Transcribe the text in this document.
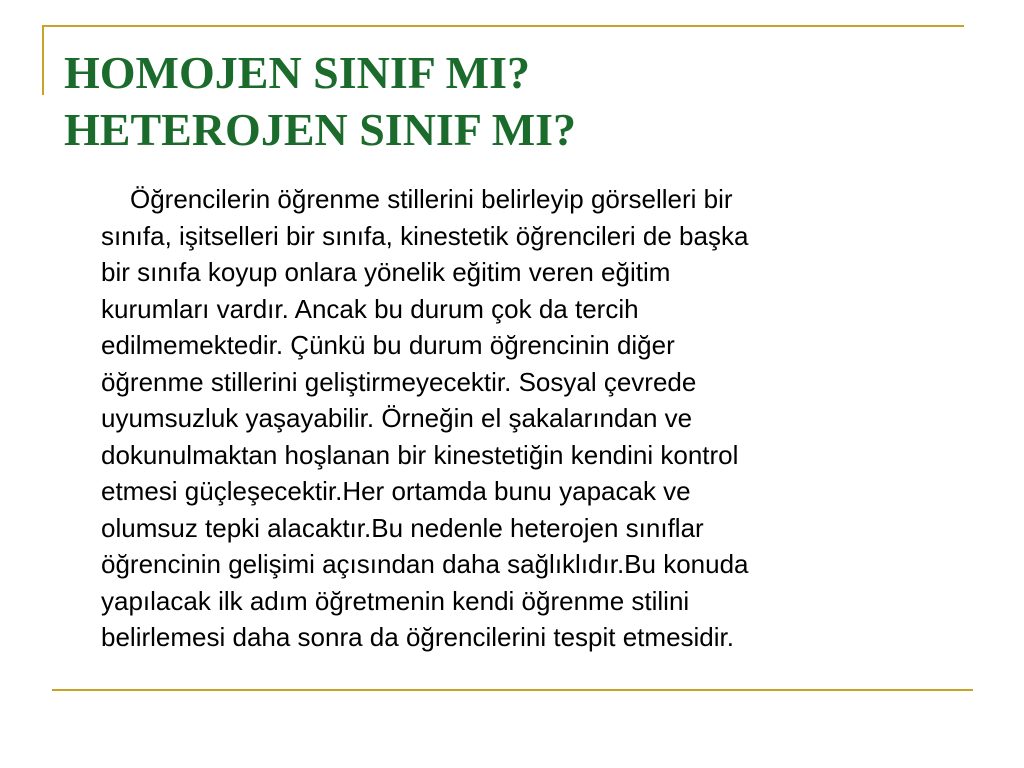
HOMOJEN SINIF MI?
HETEROJEN SINIF MI?
Öğrencilerin öğrenme stillerini belirleyip görselleri bir
sınıfa, işitselleri bir sınıfa, kinestetik öğrencileri de başka
bir sınıfa koyup onlara yönelik eğitim veren eğitim
kurumları vardır. Ancak bu durum çok da tercih
edilmemektedir. Çünkü bu durum öğrencinin diğer
öğrenme stillerini geliştirmeyecektir. Sosyal çevrede
uyumsuzluk yaşayabilir. Örneğin el şakalarından ve
dokunulmaktan hoşlanan bir kinestetiğin kendini kontrol
etmesi güçleşecektir.Her ortamda bunu yapacak ve
olumsuz tepki alacaktır.Bu nedenle heterojen sınıflar
öğrencinin gelişimi açısından daha sağlıklıdır.Bu konuda
yapılacak ilk adım öğretmenin kendi öğrenme stilini
belirlemesi daha sonra da öğrencilerini tespit etmesidir.
